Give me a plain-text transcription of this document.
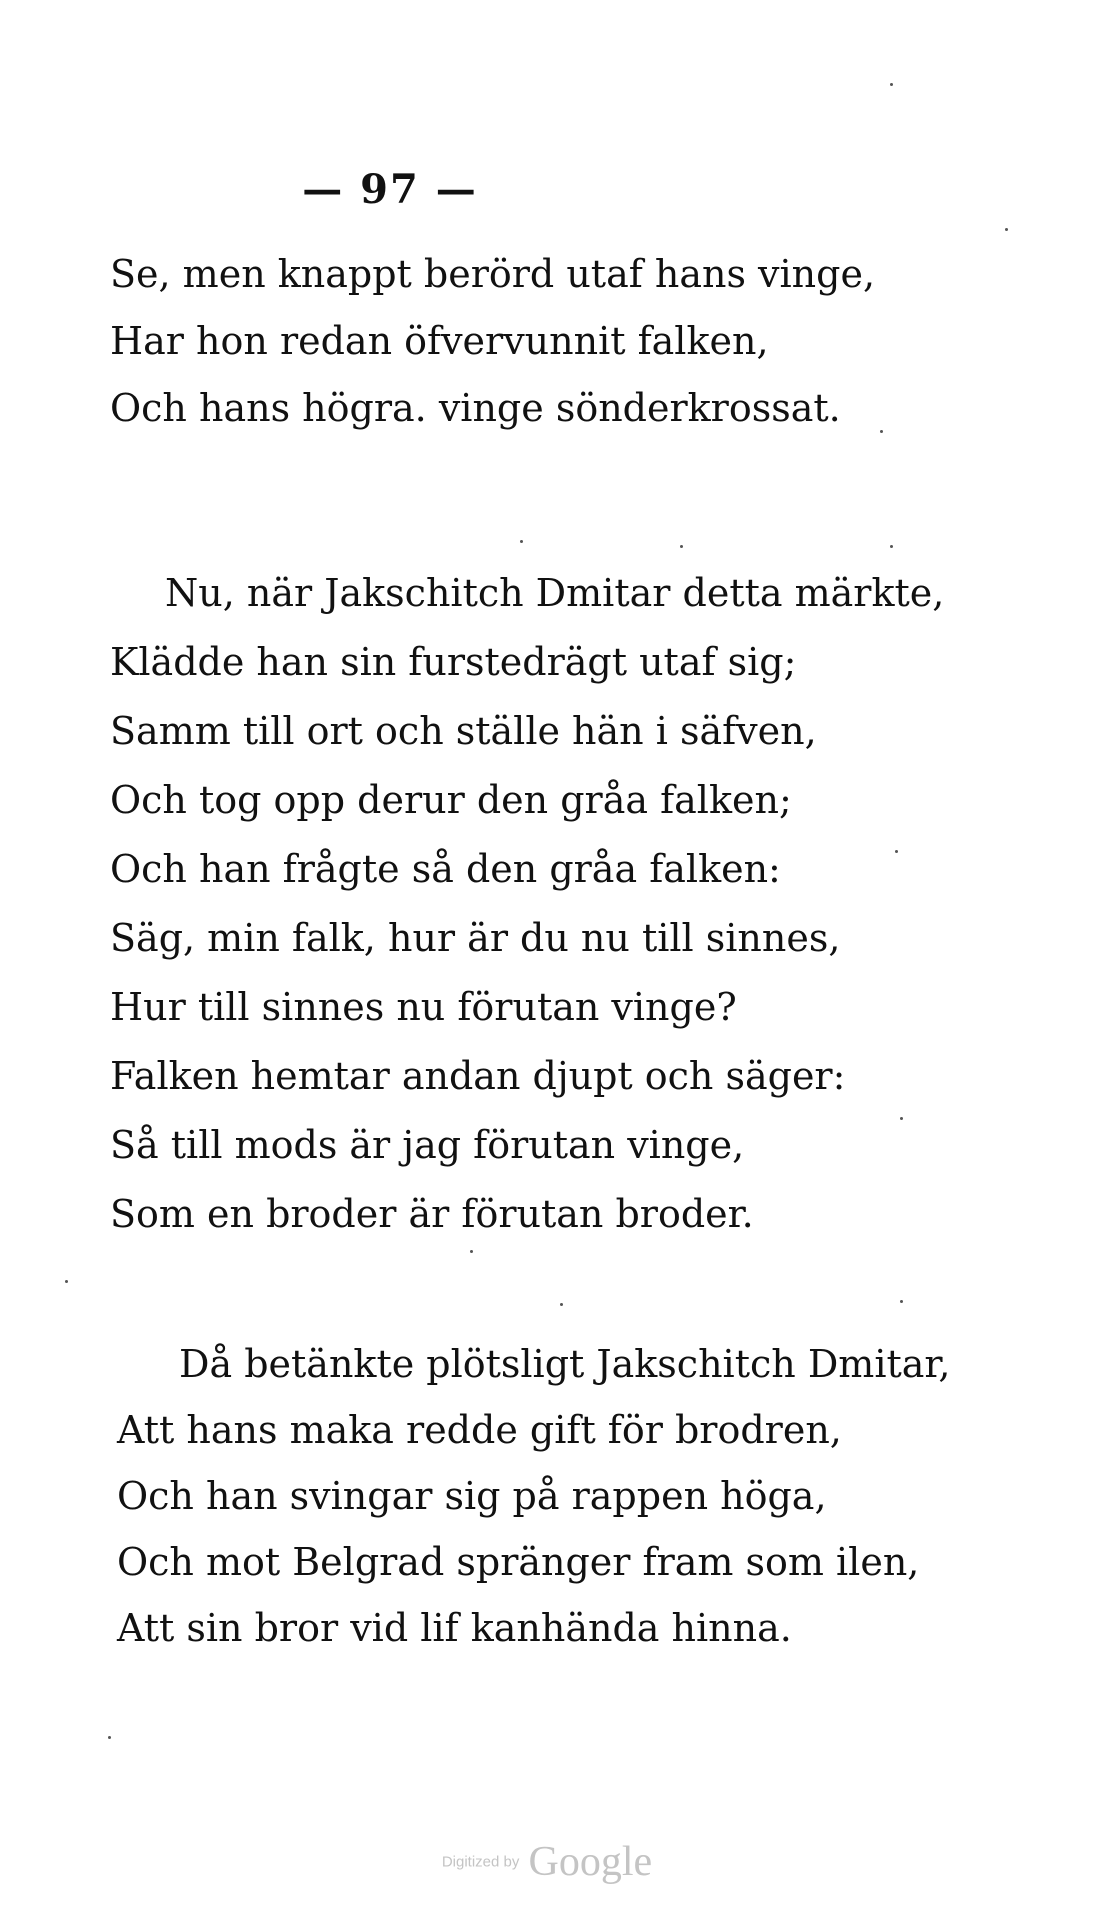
— 97 —
Se, men knappt berörd utaf hans vinge,
Har hon redan öfvervunnit falken,
Och hans högra. vinge sönderkrossat.
Nu, när Jakschitch Dmitar detta märkte,
Klädde han sin furstedrägt utaf sig;
Samm till ort och ställe hän i säfven,
Och tog opp derur den gråa falken;
Och han frågte så den gråa falken:
Säg, min falk, hur är du nu till sinnes,
Hur till sinnes nu förutan vinge?
Falken hemtar andan djupt och säger:
Så till mods är jag förutan vinge,
Som en broder är förutan broder.
Då betänkte plötsligt Jakschitch Dmitar,
Att hans maka redde gift för brodren,
Och han svingar sig på rappen höga,
Och mot Belgrad spränger fram som ilen,
Att sin bror vid lif kanhända hinna.
Digitized by Google
